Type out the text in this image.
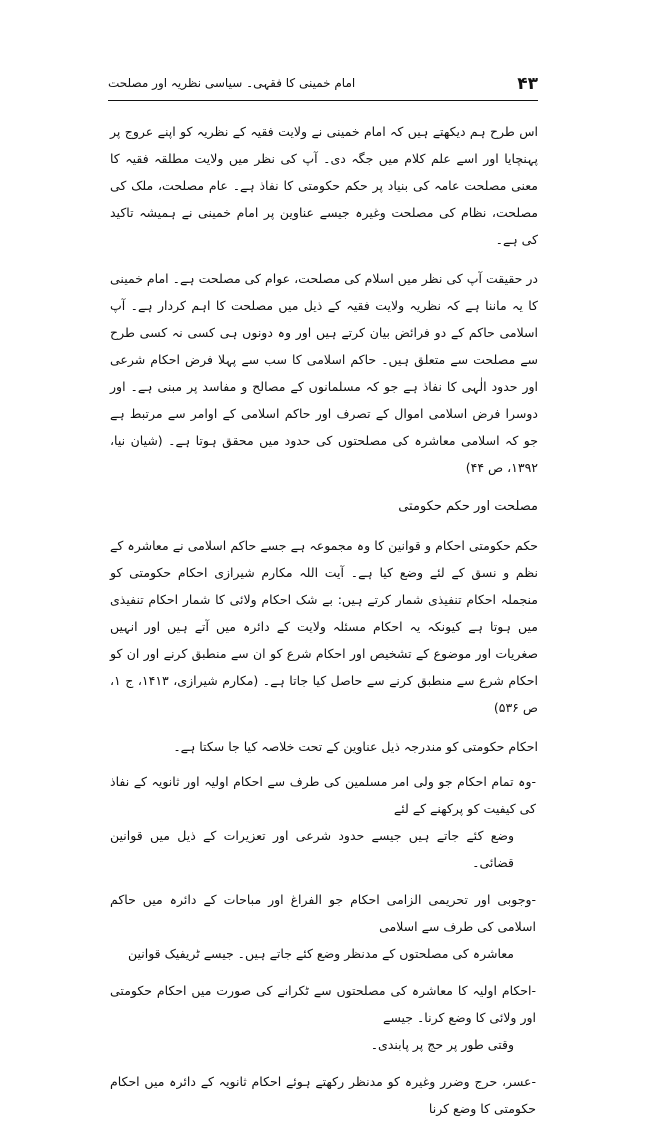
۴۳
امام خمینی کا فقہی۔ سیاسی نظریہ اور مصلحت

اس طرح ہم دیکھتے ہیں کہ امام خمینی نے ولایت فقیہ کے نظریہ کو اپنے عروج پر پہنچایا اور اسے علم کلام میں جگہ دی۔ آپ کی نظر میں ولایت مطلقہ فقیہ کا معنی مصلحت عامہ کی بنیاد پر حکم حکومتی کا نفاذ ہے۔ عام مصلحت، ملک کی مصلحت، نظام کی مصلحت وغیرہ جیسے عناوین پر امام خمینی نے ہمیشہ تاکید کی ہے۔

در حقیقت آپ کی نظر میں اسلام کی مصلحت، عوام کی مصلحت ہے۔ امام خمینی کا یہ ماننا ہے کہ نظریہ ولایت فقیہ کے ذیل میں مصلحت کا اہم کردار ہے۔ آپ اسلامی حاکم کے دو فرائض بیان کرتے ہیں اور وہ دونوں ہی کسی نہ کسی طرح سے مصلحت سے متعلق ہیں۔ حاکم اسلامی کا سب سے پہلا فرض احکام شرعی اور حدود الٰہی کا نفاذ ہے جو کہ مسلمانوں کے مصالح و مفاسد پر مبنی ہے۔ اور دوسرا فرض اسلامی اموال کے تصرف اور حاکم اسلامی کے اوامر سے مرتبط ہے جو کہ اسلامی معاشرہ کی مصلحتوں کی حدود میں محقق ہوتا ہے۔ (شیان نیا، ۱۳۹۲، ص ۴۴)

مصلحت اور حکم حکومتی

حکم حکومتی احکام و قوانین کا وہ مجموعہ ہے جسے حاکم اسلامی نے معاشرہ کے نظم و نسق کے لئے وضع کیا ہے۔ آیت اللہ مکارم شیرازی احکام حکومتی کو منجملہ احکام تنفیذی شمار کرتے ہیں: بے شک احکام ولائی کا شمار احکام تنفیذی میں ہوتا ہے کیونکہ یہ احکام مسئلہ ولایت کے دائرہ میں آتے ہیں اور انہیں صغریات اور موضوع کے تشخیص اور احکام شرع کو ان سے منطبق کرنے اور ان کو احکام شرع سے منطبق کرنے سے حاصل کیا جاتا ہے۔ (مکارم شیرازی، ۱۴۱۳، ج ۱، ص ۵۳۶)

احکام حکومتی کو مندرجہ ذیل عناوین کے تحت خلاصہ کیا جا سکتا ہے۔

-وہ تمام احکام جو ولی امر مسلمین کی طرف سے احکام اولیہ اور ثانویہ کے نفاذ کی کیفیت کو پرکھنے کے لئے
وضع کئے جاتے ہیں جیسے حدود شرعی اور تعزیرات کے ذیل میں قوانین قضائی۔
-وجوبی اور تحریمی الزامی احکام جو الفراغ اور مباحات کے دائرہ میں حاکم اسلامی کی طرف سے اسلامی
معاشرہ کی مصلحتوں کے مدنظر وضع کئے جاتے ہیں۔ جیسے ٹریفیک قوانین
-احکام اولیہ کا معاشرہ کی مصلحتوں سے ٹکرانے کی صورت میں احکام حکومتی اور ولائی کا وضع کرنا۔ جیسے
وقتی طور پر حج پر پابندی۔
-عسر، حرج وضرر وغیرہ کو مدنظر رکھتے ہوئے احکام ثانویہ کے دائرہ میں احکام حکومتی کا وضع کرنا
